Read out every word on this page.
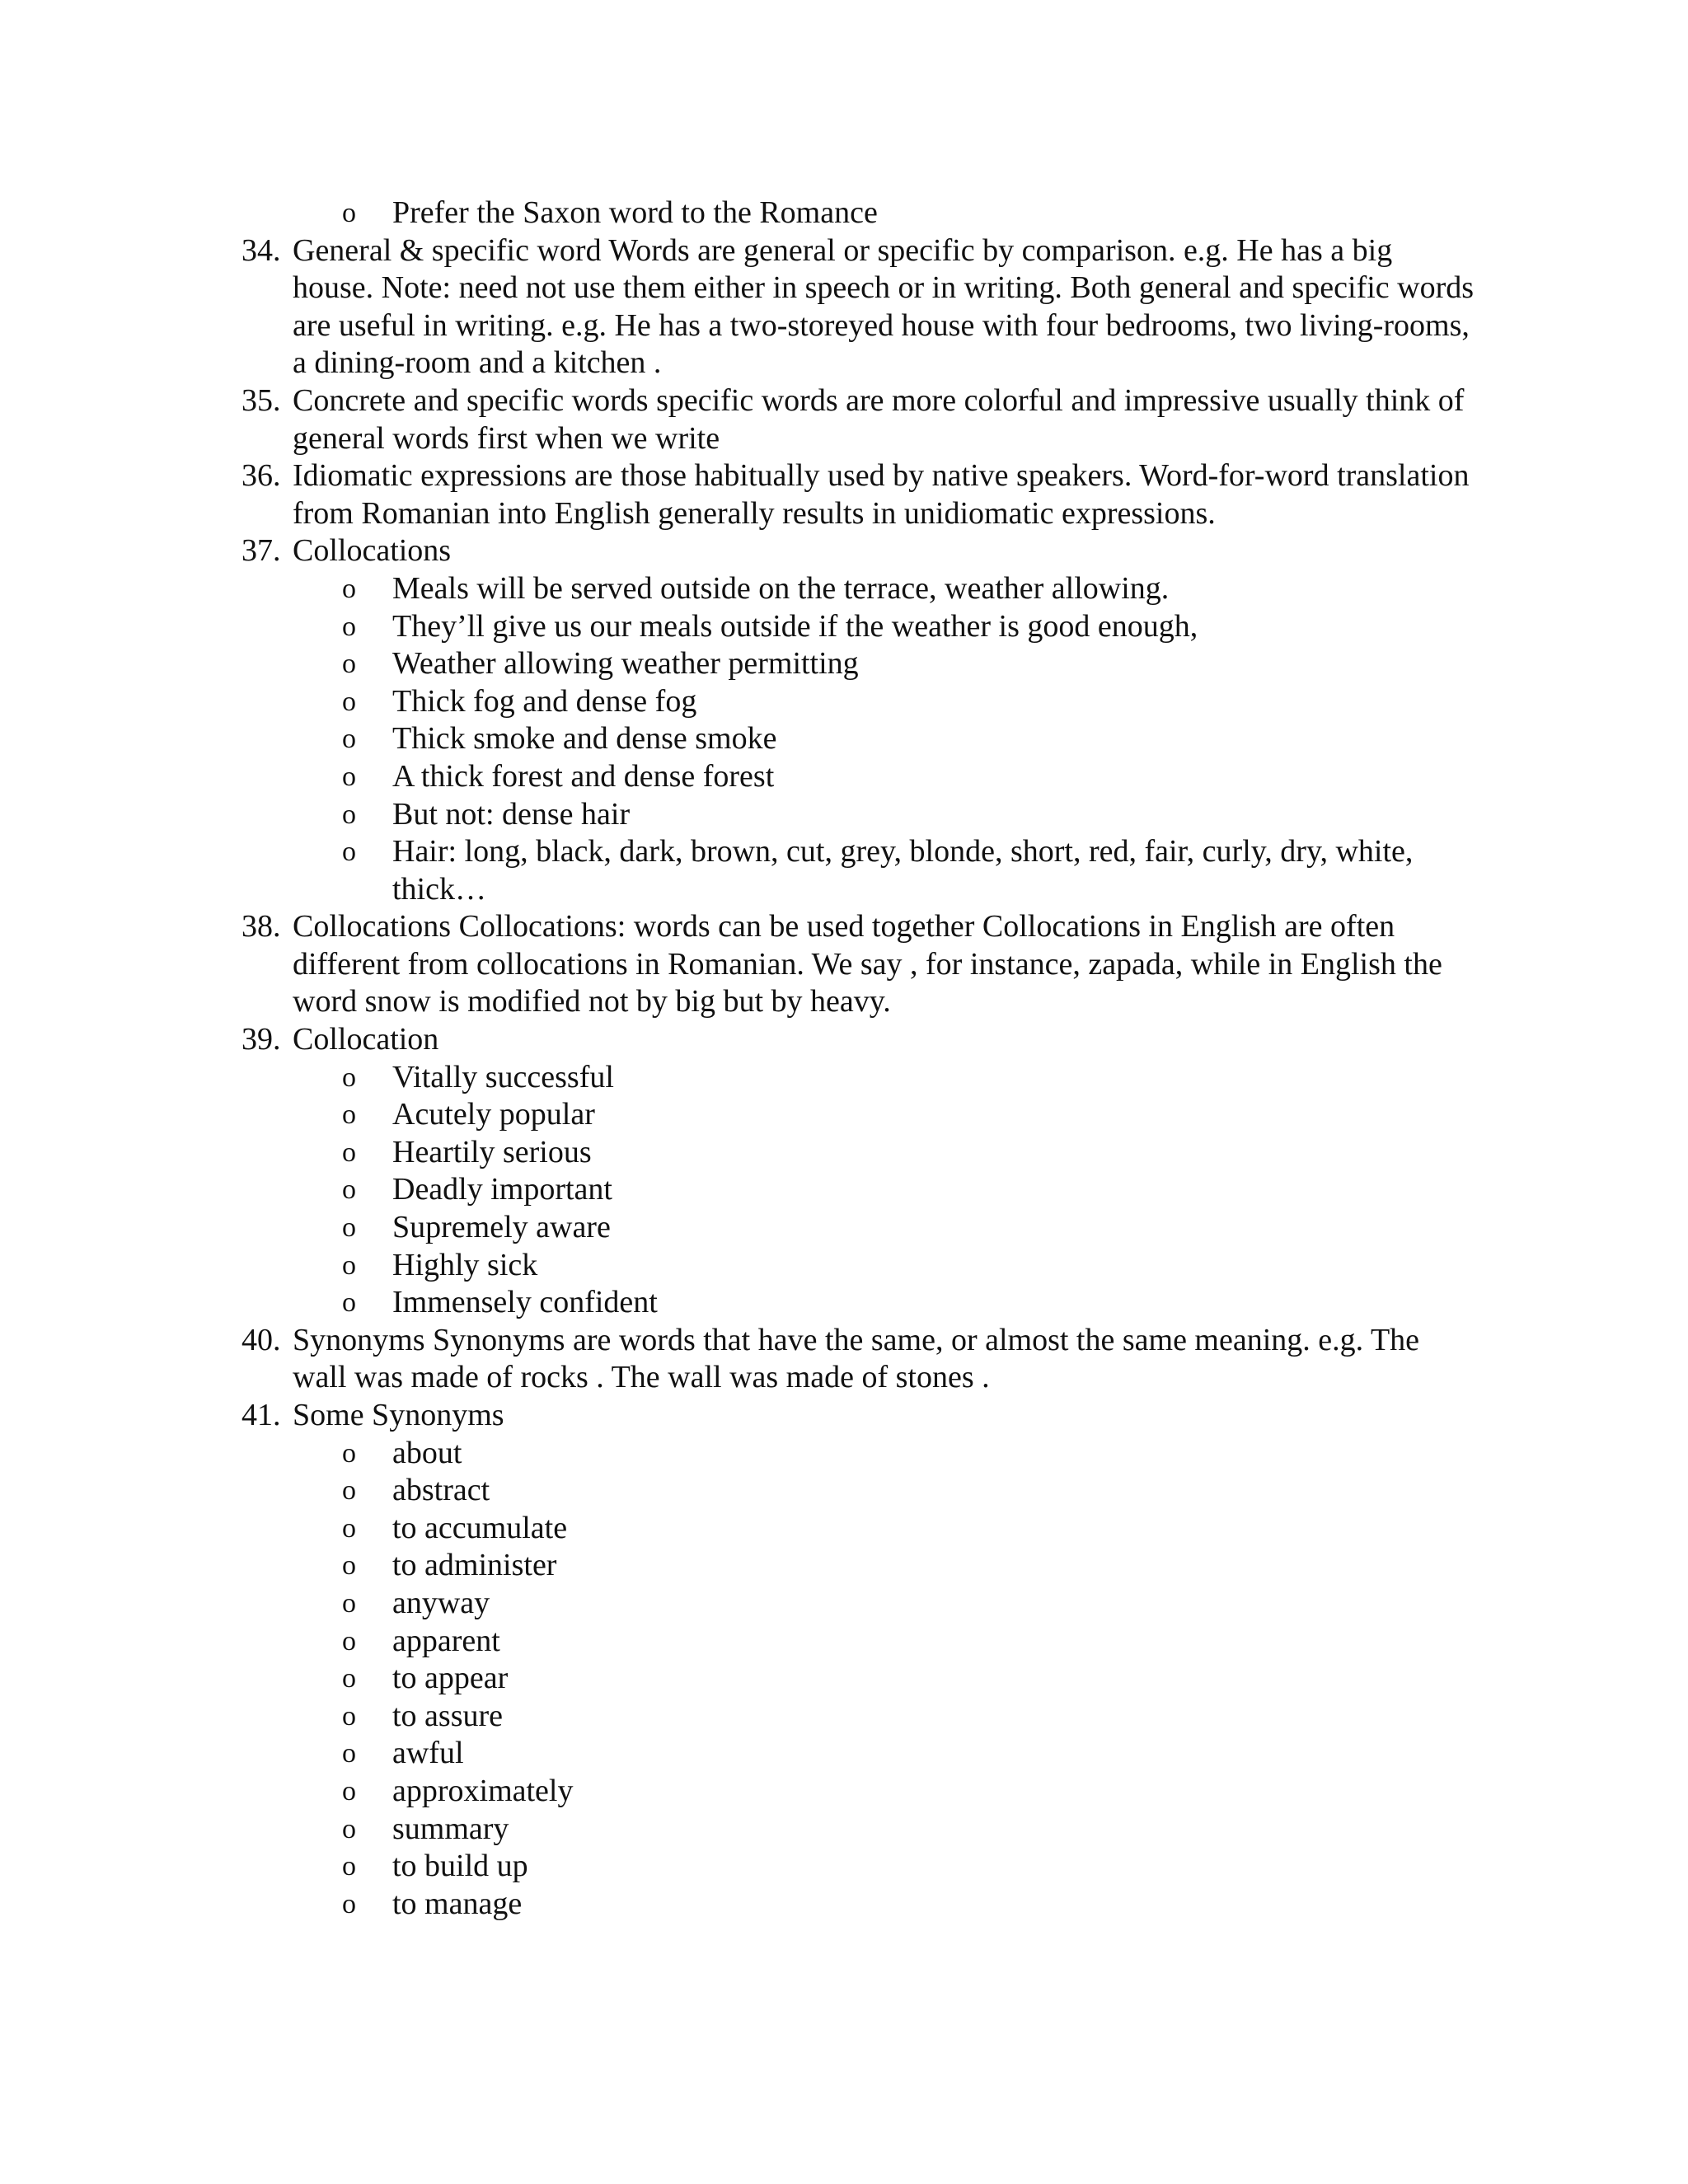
o Prefer the Saxon word to the Romance
34. General & specific word Words are general or specific by comparison. e.g. He has a big house. Note: need not use them either in speech or in writing. Both general and specific words are useful in writing. e.g. He has a two-storeyed house with four bedrooms, two living-rooms, a dining-room and a kitchen .
35. Concrete and specific words specific words are more colorful and impressive usually think of general words first when we write
36. Idiomatic expressions are those habitually used by native speakers. Word-for-word translation from Romanian into English generally results in unidiomatic expressions.
37. Collocations
o Meals will be served outside on the terrace, weather allowing.
o They’ll give us our meals outside if the weather is good enough,
o Weather allowing weather permitting
o Thick fog and dense fog
o Thick smoke and dense smoke
o A thick forest and dense forest
o But not: dense hair
o Hair: long, black, dark, brown, cut, grey, blonde, short, red, fair, curly, dry, white, thick…
38. Collocations Collocations: words can be used together Collocations in English are often different from collocations in Romanian. We say , for instance, zapada, while in English the word snow is modified not by big but by heavy.
39. Collocation
o Vitally successful
o Acutely popular
o Heartily serious
o Deadly important
o Supremely aware
o Highly sick
o Immensely confident
40. Synonyms Synonyms are words that have the same, or almost the same meaning. e.g. The wall was made of rocks . The wall was made of stones .
41. Some Synonyms
o about
o abstract
o to accumulate
o to administer
o anyway
o apparent
o to appear
o to assure
o awful
o approximately
o summary
o to build up
o to manage
